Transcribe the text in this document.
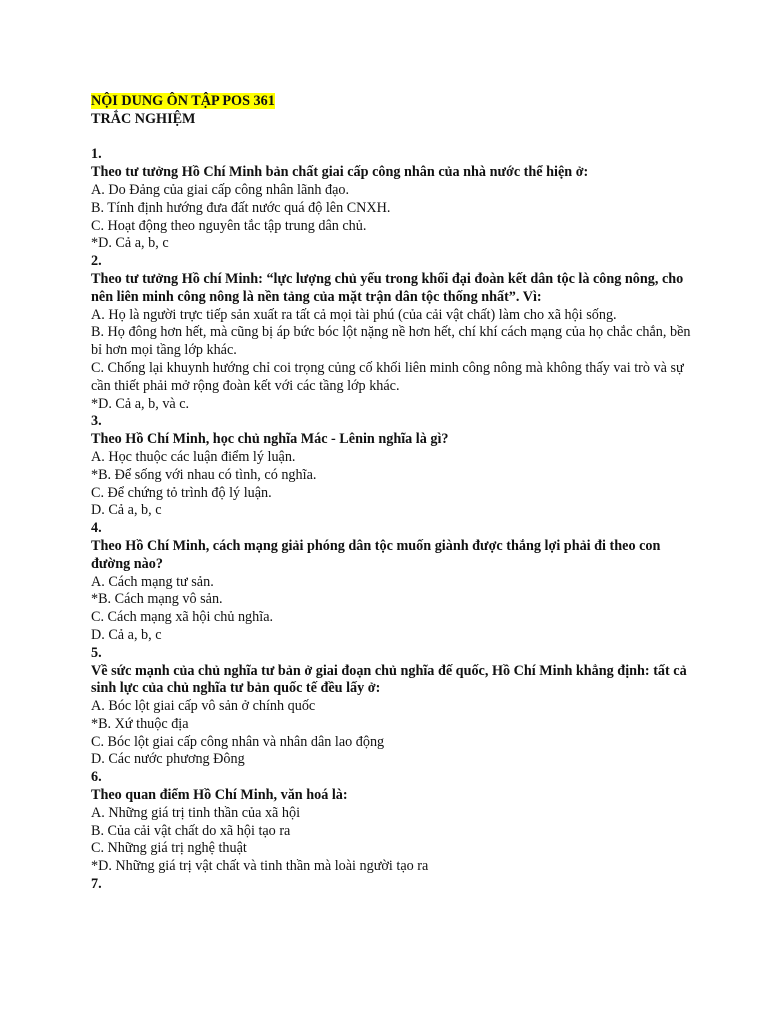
NỘI DUNG ÔN TẬP POS 361
TRẮC NGHIỆM
1.
Theo tư tưởng Hồ Chí Minh bản chất giai cấp công nhân của nhà nước thể hiện ở:
A. Do Đảng của giai cấp công nhân lãnh đạo.
B. Tính định hướng đưa đất nước quá độ lên CNXH.
C. Hoạt động theo nguyên tắc tập trung dân chủ.
*D. Cả a, b, c
2.
Theo tư tưởng Hồ chí Minh: “lực lượng chủ yếu trong khối đại đoàn kết dân tộc là công nông, cho nên liên minh công nông là nền tảng của mặt trận dân tộc thống nhất”. Vì:
A. Họ là người trực tiếp sản xuất ra tất cả mọi tài phú (của cải vật chất) làm cho xã hội sống.
B. Họ đông hơn hết, mà cũng bị áp bức bóc lột nặng nề hơn hết, chí khí cách mạng của họ chắc chắn, bền bỉ hơn mọi tầng lớp khác.
C. Chống lại khuynh hướng chỉ coi trọng củng cố khối liên minh công nông mà không thấy vai trò và sự cần thiết phải mở rộng đoàn kết với các tầng lớp khác.
*D. Cả a, b, và c.
3.
Theo Hồ Chí Minh, học chủ nghĩa Mác - Lênin nghĩa là gì?
A. Học thuộc các luận điểm lý luận.
*B. Để sống với nhau có tình, có nghĩa.
C. Để chứng tỏ trình độ lý luận.
D. Cả a, b, c
4.
Theo Hồ Chí Minh, cách mạng giải phóng dân tộc muốn giành được thắng lợi phải đi theo con đường nào?
A. Cách mạng tư sản.
*B. Cách mạng vô sản.
C. Cách mạng xã hội chủ nghĩa.
D. Cả a, b, c
5.
Về sức mạnh của chủ nghĩa tư bản ở giai đoạn chủ nghĩa đế quốc, Hồ Chí Minh khẳng định: tất cả sinh lực của chủ nghĩa tư bản quốc tế đều lấy ở:
A. Bóc lột giai cấp vô sản ở chính quốc
*B. Xứ thuộc địa
C. Bóc lột giai cấp công nhân và nhân dân lao động
D. Các nước phương Đông
6.
Theo quan điểm Hồ Chí Minh, văn hoá là:
A. Những giá trị tinh thần của xã hội
B. Của cải vật chất do xã hội tạo ra
C. Những giá trị nghệ thuật
*D. Những giá trị vật chất và tinh thần mà loài người tạo ra
7.
